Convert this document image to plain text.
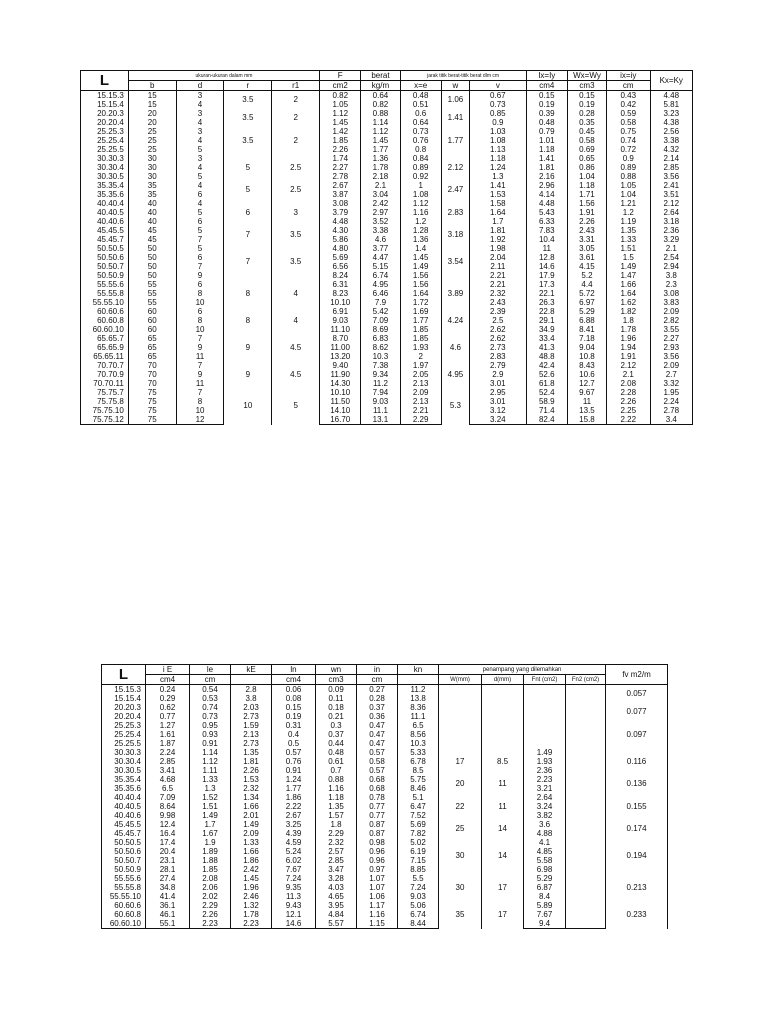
L	ukuran-ukuran dalam mm				F	berat	jarak titik berat-titik berat dlm cm			Ix=Iy	Wx=Wy	ix=iy	Kx=Ky
	b	d	r	r1	cm2	kg/m	x=e	w	v	cm4	cm3	cm	
15.15.3	15	3	3.5	2	0.82	0.64	0.48	1.06	0.67	0.15	0.15	0.43	4.48
15.15.4	15	4			1.05	0.82	0.51		0.73	0.19	0.19	0.42	5.81
20.20.3	20	3	3.5	2	1.12	0.88	0.6	1.41	0.85	0.39	0.28	0.59	3.23
20.20.4	20	4			1.45	1.14	0.64		0.9	0.48	0.35	0.58	4.38
25.25.3	25	3	3.5	2	1.42	1.12	0.73	1.77	1.03	0.79	0.45	0.75	2.56
25.25.4	25	4			1.85	1.45	0.76		1.08	1.01	0.58	0.74	3.38
25.25.5	25	5			2.26	1.77	0.8		1.13	1.18	0.69	0.72	4.32
30.30.3	30	3	5	2.5	1.74	1.36	0.84	2.12	1.18	1.41	0.65	0.9	2.14
30.30.4	30	4			2.27	1.78	0.89		1.24	1.81	0.86	0.89	2.85
30.30.5	30	5			2.78	2.18	0.92		1.3	2.16	1.04	0.88	3.56
35.35.4	35	4	5	2.5	2.67	2.1	1	2.47	1.41	2.96	1.18	1.05	2.41
35.35.6	35	6			3.87	3.04	1.08		1.53	4.14	1.71	1.04	3.51
40.40.4	40	4	6	3	3.08	2.42	1.12	2.83	1.58	4.48	1.56	1.21	2.12
40.40.5	40	5			3.79	2.97	1.16		1.64	5.43	1.91	1.2	2.64
40.40.6	40	6			4.48	3.52	1.2		1.7	6.33	2.26	1.19	3.18
45.45.5	45	5	7	3.5	4.30	3.38	1.28	3.18	1.81	7.83	2.43	1.35	2.36
45.45.7	45	7			5.86	4.6	1.36		1.92	10.4	3.31	1.33	3.29
50.50.5	50	5	7	3.5	4.80	3.77	1.4	3.54	1.98	11	3.05	1.51	2.1
50.50.6	50	6			5.69	4.47	1.45		2.04	12.8	3.61	1.5	2.54
50.50.7	50	7			6.56	5.15	1.49		2.11	14.6	4.15	1.49	2.94
50.50.9	50	9			8.24	6.74	1.56		2.21	17.9	5.2	1.47	3.8
55.55.6	55	6	8	4	6.31	4.95	1.56	3.89	2.21	17.3	4.4	1.66	2.3
55.55.8	55	8			8.23	6.46	1.64		2.32	22.1	5.72	1.64	3.08
55.55.10	55	10			10.10	7.9	1.72		2.43	26.3	6.97	1.62	3.83
60.60.6	60	6	8	4	6.91	5.42	1.69	4.24	2.39	22.8	5.29	1.82	2.09
60.60.8	60	8			9.03	7.09	1.77		2.5	29.1	6.88	1.8	2.82
60.60.10	60	10			11.10	8.69	1.85		2.62	34.9	8.41	1.78	3.55
65.65.7	65	7	9	4.5	8.70	6.83	1.85	4.6	2.62	33.4	7.18	1.96	2.27
65.65.9	65	9			11.00	8.62	1.93		2.73	41.3	9.04	1.94	2.93
65.65.11	65	11			13.20	10.3	2		2.83	48.8	10.8	1.91	3.56
70.70.7	70	7	9	4.5	9.40	7.38	1.97	4.95	2.79	42.4	8.43	2.12	2.09
70.70.9	70	9			11.90	9.34	2.05		2.9	52.6	10.6	2.1	2.7
70.70.11	70	11			14.30	11.2	2.13		3.01	61.8	12.7	2.08	3.32
75.75.7	75	7	10	5	10.10	7.94	2.09	5.3	2.95	52.4	9.67	2.28	1.95
75.75.8	75	8			11.50	9.03	2.13		3.01	58.9	11	2.26	2.24
75.75.10	75	10			14.10	11.1	2.21		3.12	71.4	13.5	2.25	2.78
75.75.12	75	12			16.70	13.1	2.29		3.24	82.4	15.8	2.22	3.4
L	i E	le	kE	ln	wn	in	kn	penampang yang dilemahkan				fv m2/m
	cm4	cm		cm4	cm3	cm		W(mm)	d(mm)	Fnt (cm2)	Fn2 (cm2)	
15.15.3	0.24	0.54	2.8	0.06	0.09	0.27	11.2					0.057
15.15.4	0.29	0.53	3.8	0.08	0.11	0.28	13.8					
20.20.3	0.62	0.74	2.03	0.15	0.18	0.37	8.36					0.077
20.20.4	0.77	0.73	2.73	0.19	0.21	0.36	11.1					
25.25.3	1.27	0.95	1.59	0.31	0.3	0.47	6.5					0.097
25.25.4	1.61	0.93	2.13	0.4	0.37	0.47	8.56					
25.25.5	1.87	0.91	2.73	0.5	0.44	0.47	10.3					
30.30.3	2.24	1.14	1.35	0.57	0.48	0.57	5.33	17	8.5	1.49		0.116
30.30.4	2.85	1.12	1.81	0.76	0.61	0.58	6.78			1.93		
30.30.5	3.41	1.11	2.26	0.91	0.7	0.57	8.5			2.36		
35.35.4	4.68	1.33	1.53	1.24	0.88	0.68	5.75	20	11	2.23		0.136
35.35.6	6.5	1.3	2.32	1.77	1.16	0.68	8.46			3.21		
40.40.4	7.09	1.52	1.34	1.86	1.18	0.78	5.1	22	11	2.64		0.155
40.40.5	8.64	1.51	1.66	2.22	1.35	0.77	6.47			3.24		
40.40.6	9.98	1.49	2.01	2.67	1.57	0.77	7.52			3.82		
45.45.5	12.4	1.7	1.49	3.25	1.8	0.87	5.69	25	14	3.6		0.174
45.45.7	16.4	1.67	2.09	4.39	2.29	0.87	7.82			4.88		
50.50.5	17.4	1.9	1.33	4.59	2.32	0.98	5.02	30	14	4.1		0.194
50.50.6	20.4	1.89	1.66	5.24	2.57	0.96	6.19			4.85		
50.50.7	23.1	1.88	1.86	6.02	2.85	0.96	7.15			5.58		
50.50.9	28.1	1.85	2.42	7.67	3.47	0.97	8.85			6.98		
55.55.6	27.4	2.08	1.45	7.24	3.28	1.07	5.5	30	17	5.29		0.213
55.55.8	34.8	2.06	1.96	9.35	4.03	1.07	7.24			6.87		
55.55.10	41.4	2.02	2.46	11.3	4.65	1.06	9.03			8.4		
60.60.6	36.1	2.29	1.32	9.43	3.95	1.17	5.06	35	17	5.89		0.233
60.60.8	46.1	2.26	1.78	12.1	4.84	1.16	6.74			7.67		
60.60.10	55.1	2.23	2.23	14.6	5.57	1.15	8.44			9.4		
